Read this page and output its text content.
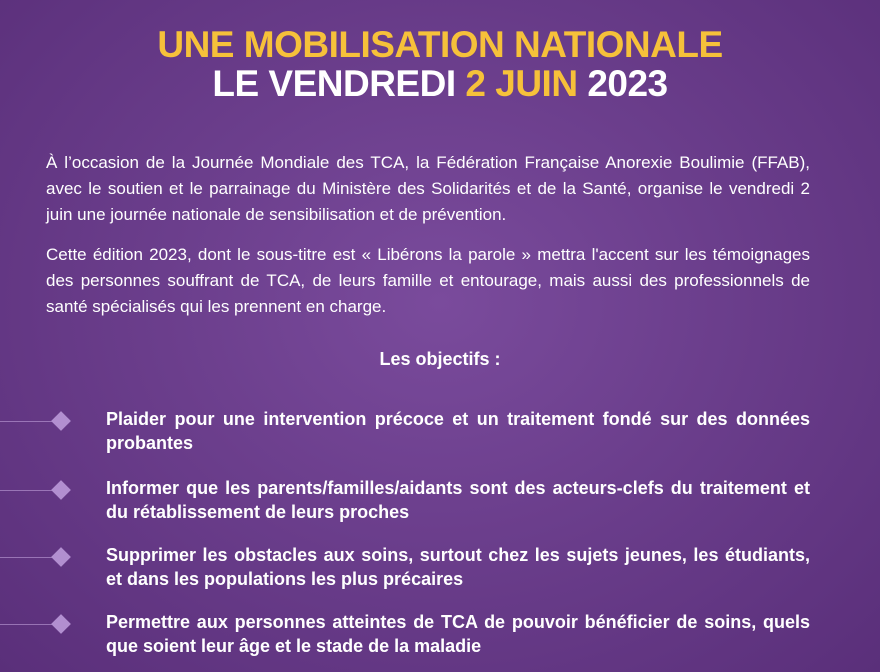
UNE MOBILISATION NATIONALE
LE VENDREDI 2 JUIN 2023
À l’occasion de la Journée Mondiale des TCA, la Fédération Française Anorexie Boulimie (FFAB), avec le soutien et le parrainage du Ministère des Solidarités et de la Santé, organise le vendredi 2 juin une journée nationale de sensibilisation et de prévention.
Cette édition 2023, dont le sous-titre est « Libérons la parole » mettra l'accent sur les témoignages des personnes souffrant de TCA, de leurs famille et entourage, mais aussi des professionnels de santé spécialisés qui les prennent en charge.
Les objectifs :
Plaider pour une intervention précoce et un traitement fondé sur des données probantes
Informer que les parents/familles/aidants sont des acteurs-clefs du traitement et du rétablissement de leurs proches
Supprimer les obstacles aux soins, surtout chez les sujets jeunes, les étudiants, et dans les populations les plus précaires
Permettre aux personnes atteintes de TCA de pouvoir bénéficier de soins, quels que soient leur âge et le stade de la maladie
